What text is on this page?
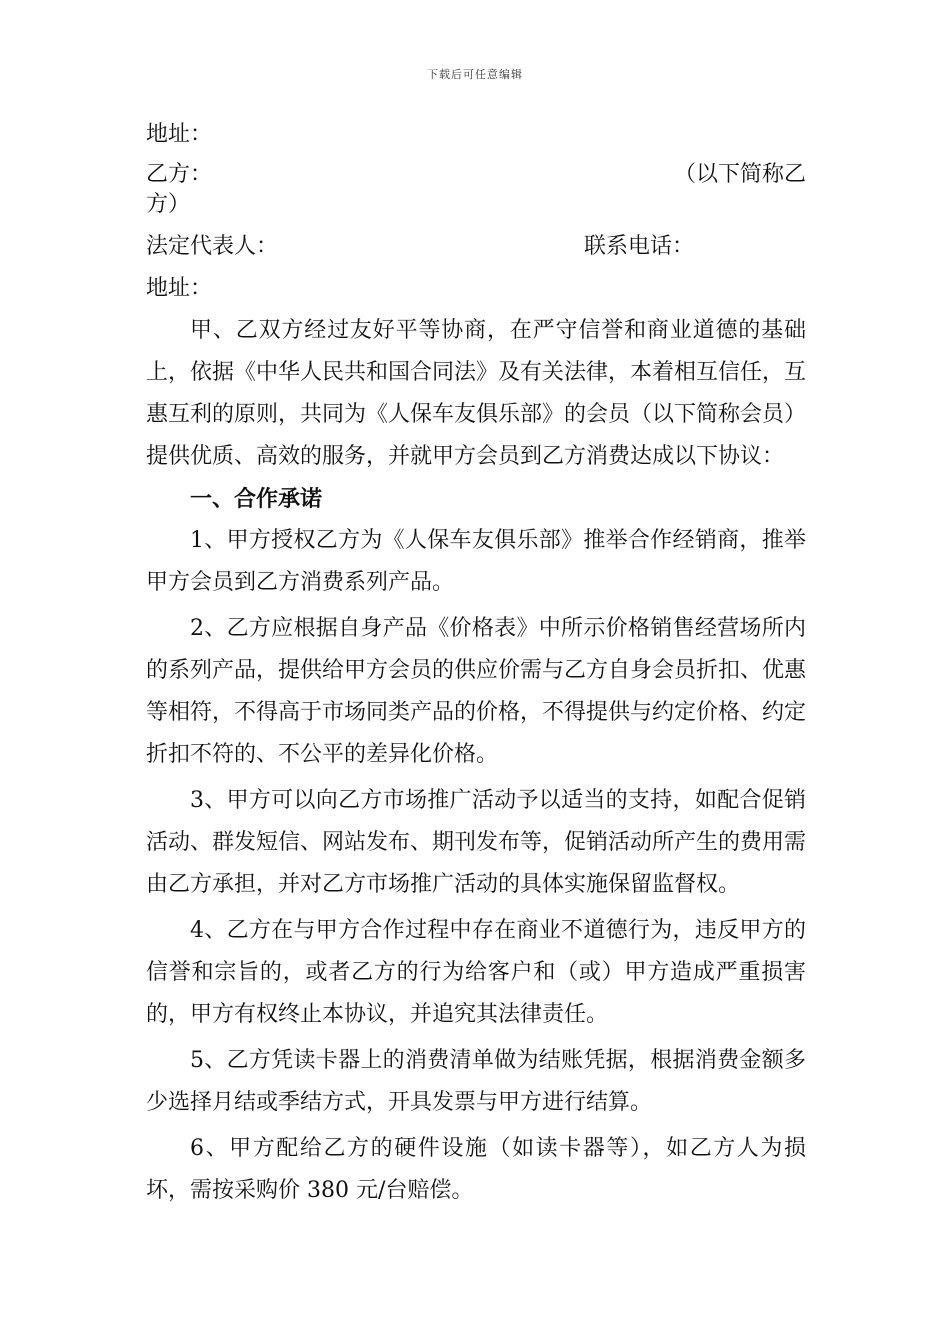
下载后可任意编辑
地址：
乙方：	（以下简称乙
方）
法定代表人：	联系电话：
地址：

甲、乙双方经过友好平等协商，在严守信誉和商业道德的基础上，依据《中华人民共和国合同法》及有关法律，本着相互信任，互惠互利的原则，共同为《人保车友俱乐部》的会员（以下简称会员）提供优质、高效的服务，并就甲方会员到乙方消费达成以下协议：

一、合作承诺

1、甲方授权乙方为《人保车友俱乐部》推举合作经销商，推举甲方会员到乙方消费系列产品。

2、乙方应根据自身产品《价格表》中所示价格销售经营场所内的系列产品，提供给甲方会员的供应价需与乙方自身会员折扣、优惠等相符，不得高于市场同类产品的价格，不得提供与约定价格、约定折扣不符的、不公平的差异化价格。

3、甲方可以向乙方市场推广活动予以适当的支持，如配合促销活动、群发短信、网站发布、期刊发布等，促销活动所产生的费用需由乙方承担，并对乙方市场推广活动的具体实施保留监督权。

4、乙方在与甲方合作过程中存在商业不道德行为，违反甲方的信誉和宗旨的，或者乙方的行为给客户和（或）甲方造成严重损害的，甲方有权终止本协议，并追究其法律责任。

5、乙方凭读卡器上的消费清单做为结账凭据，根据消费金额多少选择月结或季结方式，开具发票与甲方进行结算。

6、甲方配给乙方的硬件设施（如读卡器等），如乙方人为损坏，需按采购价 380 元/台赔偿。
